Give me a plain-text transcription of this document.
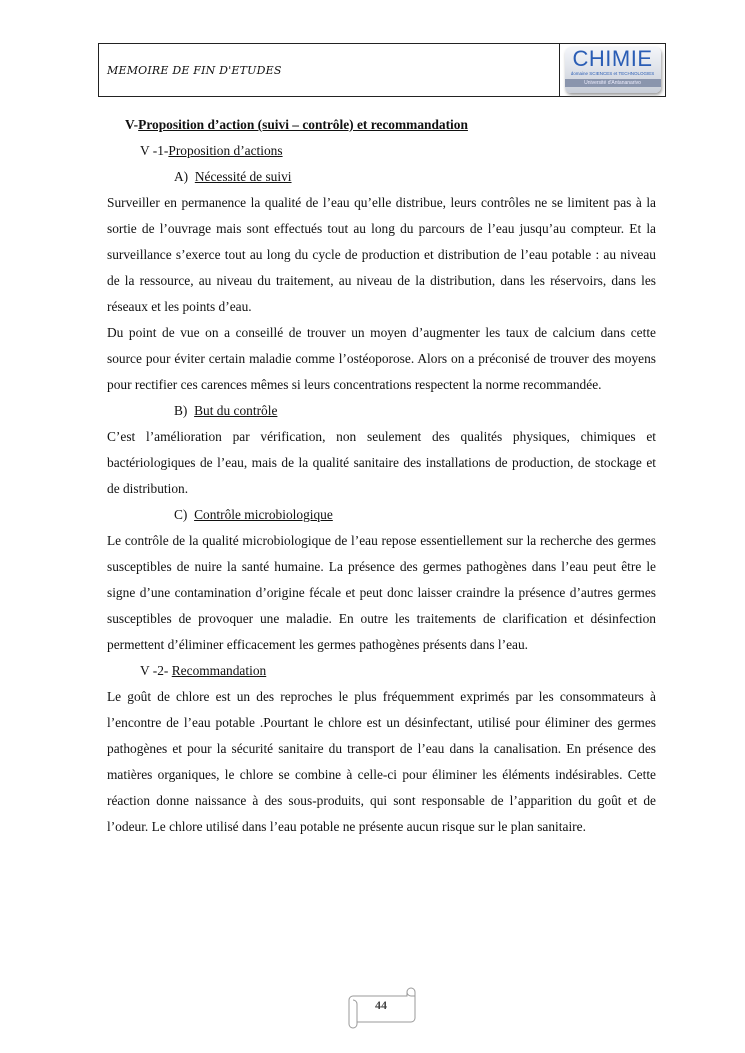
MEMOIRE DE FIN D'ETUDES	CHIMIE
domaine SCIENCES et TECHNOLOGIES
Université d'Antananarivo

V-Proposition d’action (suivi – contrôle) et recommandation

V -1-Proposition d’actions

A)  Nécessité de suivi

Surveiller en permanence la qualité de l’eau qu’elle distribue, leurs contrôles ne se limitent pas à la sortie de l’ouvrage mais sont effectués tout au long du parcours de l’eau jusqu’au compteur. Et la surveillance s’exerce tout au long du cycle de production et distribution de l’eau potable : au niveau de la ressource, au niveau du traitement, au niveau de la distribution, dans les réservoirs, dans les réseaux et les points d’eau.

Du point de vue on a conseillé de trouver un moyen d’augmenter les taux de calcium dans cette source pour éviter certain maladie comme l’ostéoporose. Alors on a préconisé de trouver des moyens pour rectifier ces carences mêmes si leurs concentrations respectent la norme recommandée.

B)  But du contrôle

C’est l’amélioration par vérification, non seulement des qualités physiques, chimiques et bactériologiques de l’eau, mais de la qualité sanitaire des installations de production, de stockage et de distribution.

C)  Contrôle microbiologique

Le contrôle de la qualité microbiologique de l’eau repose essentiellement sur la recherche des germes susceptibles de nuire la santé humaine. La présence des germes pathogènes dans l’eau peut être le signe d’une contamination d’origine fécale et peut donc laisser craindre la présence d’autres germes susceptibles de provoquer une maladie. En outre les traitements de clarification et désinfection permettent d’éliminer efficacement les germes pathogènes présents dans l’eau.

V -2- Recommandation

Le goût de chlore est un des reproches le plus fréquemment exprimés par les consommateurs à l’encontre de l’eau potable .Pourtant le chlore est un désinfectant, utilisé pour éliminer des germes pathogènes et pour la sécurité sanitaire du transport de l’eau dans la canalisation. En présence des matières organiques, le chlore se combine à celle-ci pour éliminer les éléments indésirables. Cette réaction donne naissance à des sous-produits, qui sont responsable de l’apparition du goût et de l’odeur. Le chlore utilisé dans l’eau potable ne présente aucun risque sur le plan sanitaire.

44
